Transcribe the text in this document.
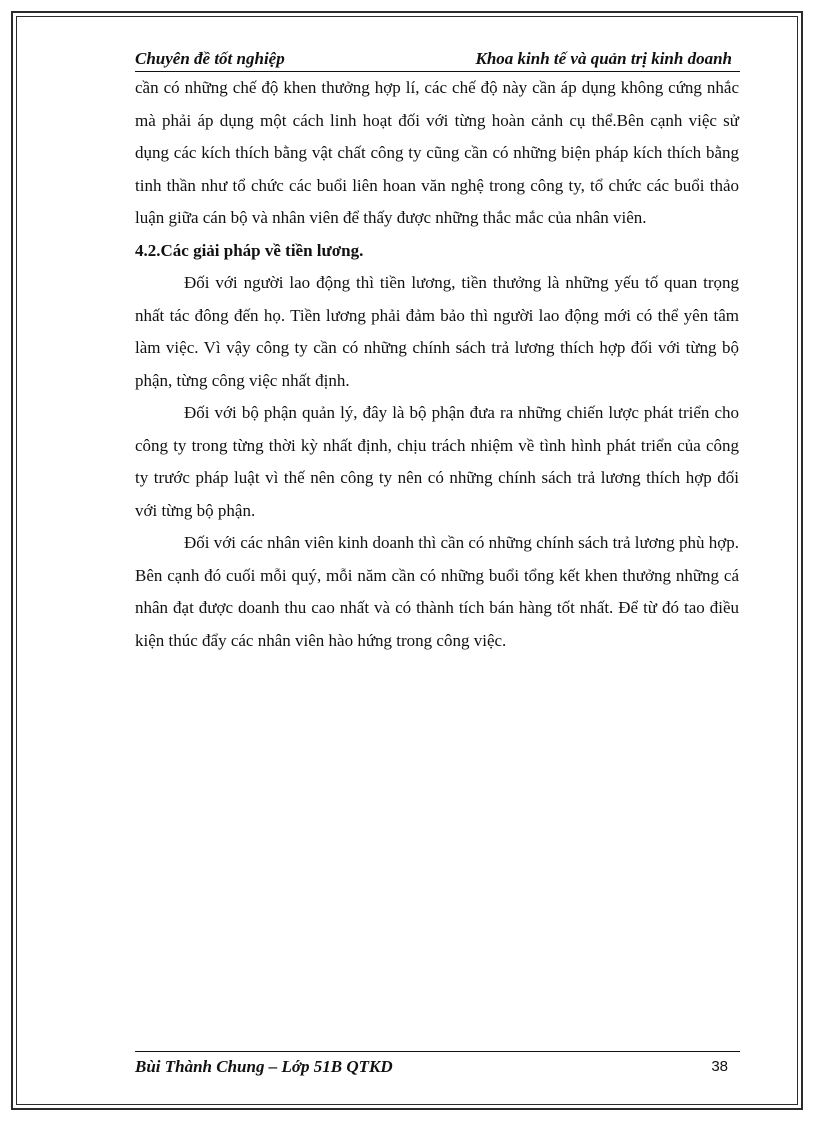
Chuyên đề tốt nghiệp	Khoa kinh tế và quản trị kinh doanh

cần có những chế độ khen thưởng hợp lí, các chế độ này cần áp dụng không cứng nhắc mà phải áp dụng một cách linh hoạt đối với từng hoàn cảnh cụ thể.Bên cạnh việc sử dụng các kích thích bằng vật chất công ty cũng cần có những biện pháp kích thích bằng tinh thần như tổ chức các buổi liên hoan văn nghệ trong công ty, tổ chức các buổi thảo luận giữa cán bộ và nhân viên để thấy được những thắc mắc của nhân viên.

4.2.Các giải pháp về tiền lương.

Đối với người lao động thì tiền lương, tiền thưởng là những yếu tố quan trọng nhất tác đông đến họ. Tiền lương phải đảm bảo thì người lao động mới có thể yên tâm làm việc. Vì vậy công ty cần có những chính sách trả lương thích hợp đối với từng bộ phận, từng công việc nhất định.

Đối với bộ phận quản lý, đây là bộ phận đưa ra những chiến lược phát triển cho công ty trong từng thời kỳ nhất định, chịu trách nhiệm về tình hình phát triển của công ty trước pháp luật vì thế nên công ty nên có những chính sách trả lương thích hợp đối với từng bộ phận.

Đối với các nhân viên kinh doanh thì cần có những chính sách trả lương phù hợp. Bên cạnh đó cuối mỗi quý, mỗi năm cần có những buổi tổng kết khen thưởng những cá nhân đạt được doanh thu cao nhất và có thành tích bán hàng tốt nhất. Để từ đó tao điều kiện thúc đẩy các nhân viên hào hứng trong công việc.

Bùi Thành Chung – Lớp 51B QTKD	38
